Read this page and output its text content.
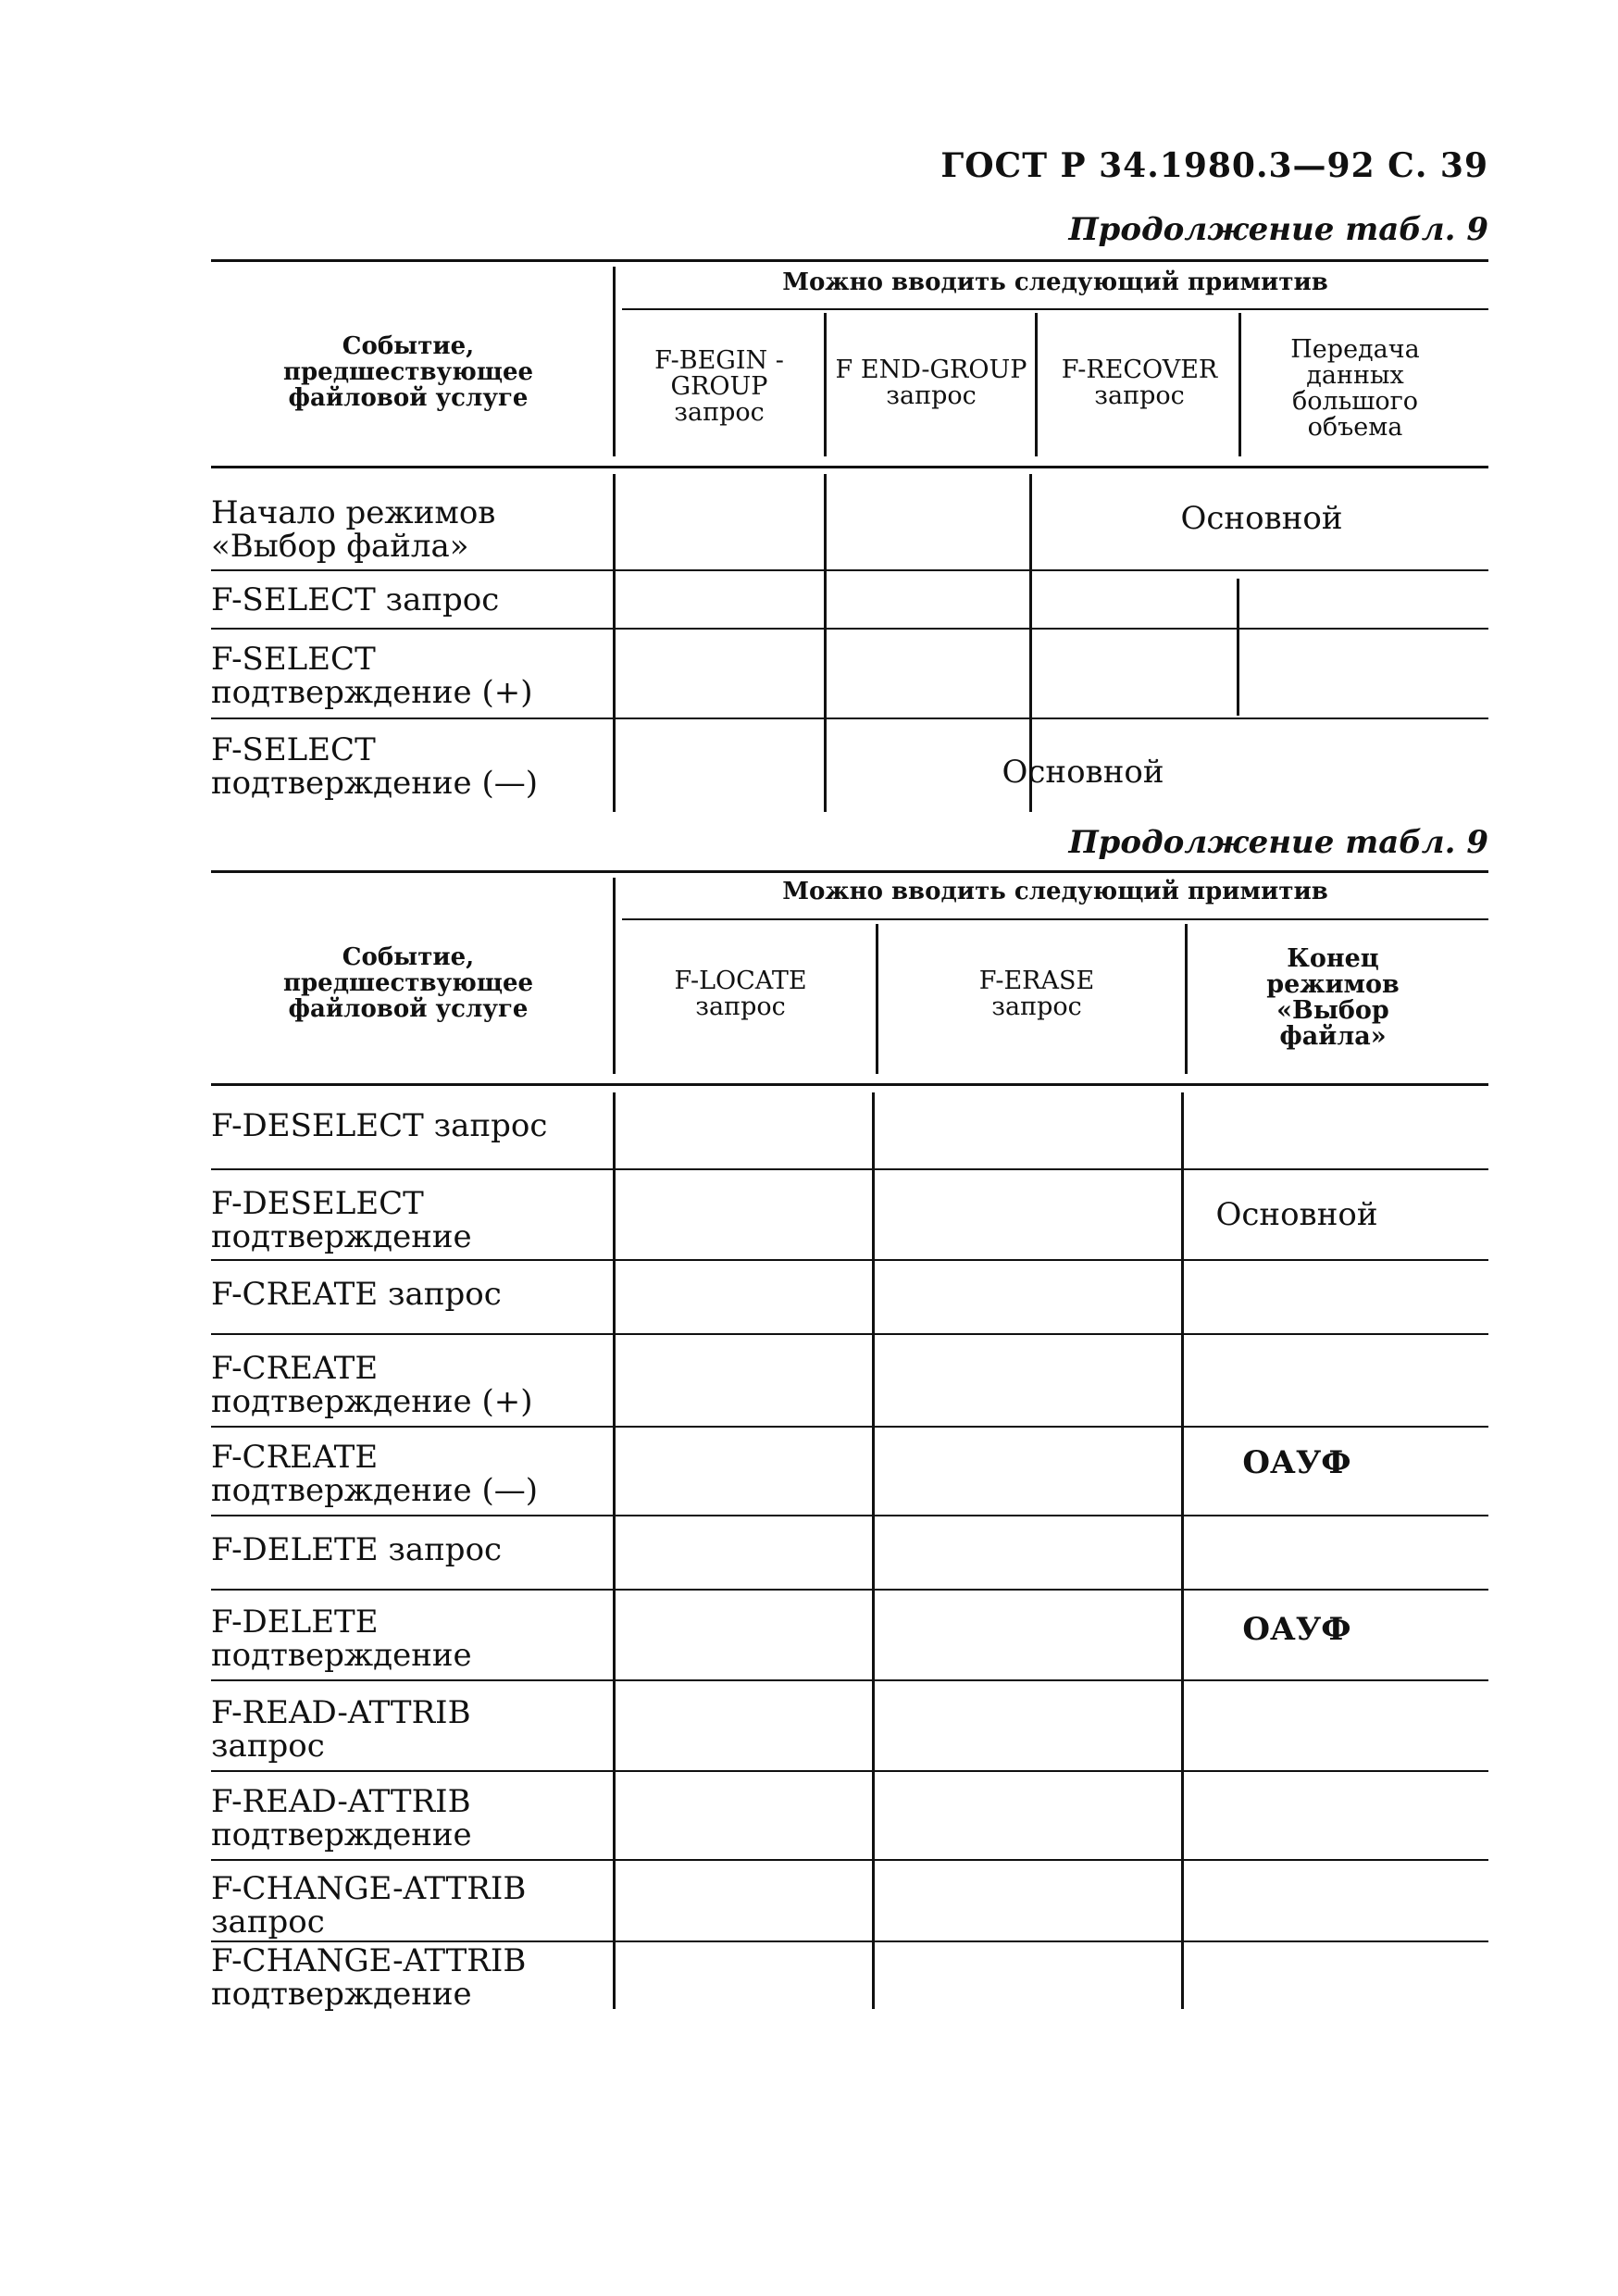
ГОСТ Р 34.1980.3—92 С. 39
Продолжение табл. 9
Событие, предшествующее файловой услуге
Можно вводить следующий примитив
F-BEGIN -GROUP запрос
F END-GROUP запрос
F-RECOVER запрос
Передача данных большого объема
Начало режимов «Выбор файла»
Основной
F-SELECT запрос
F-SELECT подтверждение (+)
F-SELECT подтверждение (—)	Основной
Продолжение табл. 9
Событие, предшествующее файловой услуге
Можно вводить следующий примитив
F-LOCATE запрос
F-ERASE запрос
Конец режимов «Выбор файла»
F-DESELECT запрос
F-DESELECT подтверждение
Основной
F-CREATE запрос
F-CREATE подтверждение (+)
F-CREATE подтверждение (—)
ОАУФ
F-DELETE запрос
F-DELETE подтверждение
ОАУФ
F-READ-ATTRIB запрос
F-READ-ATTRIB подтверждение
F-CHANGE-ATTRIB запрос
F-CHANGE-ATTRIB подтверждение
